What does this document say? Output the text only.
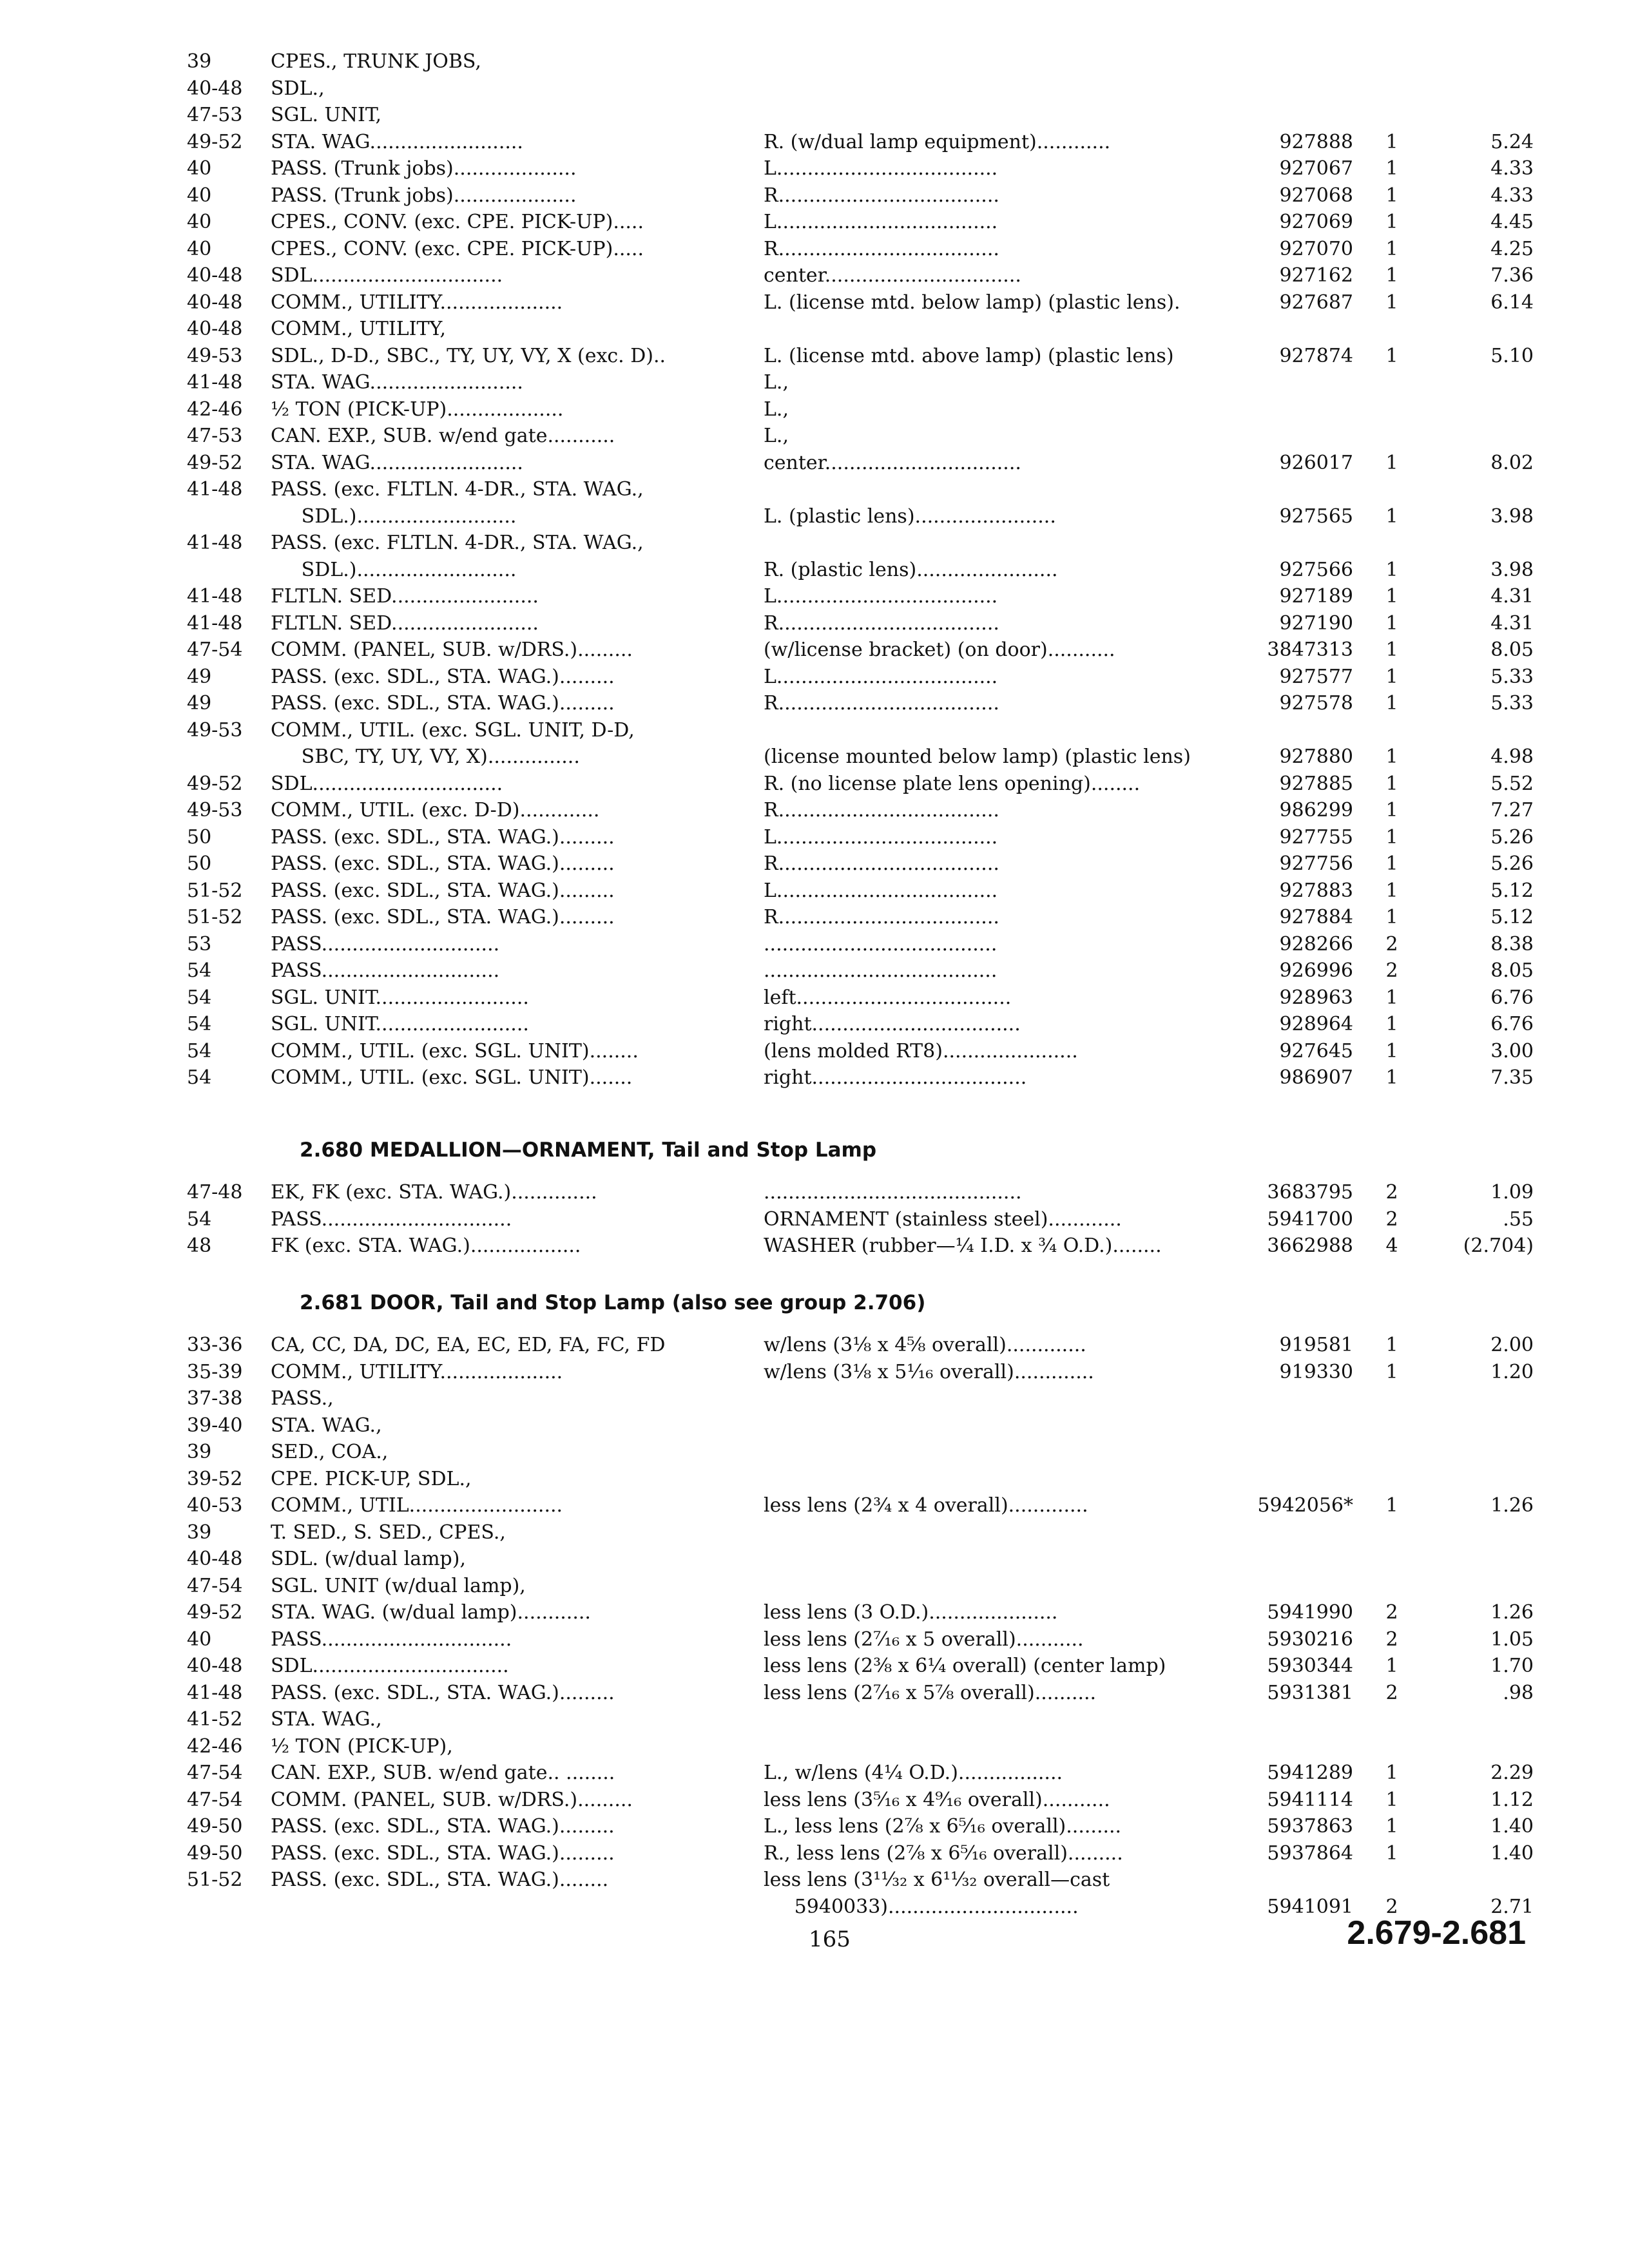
39	CPES., TRUNK JOBS,
40-48	SDL.,
47-53	SGL. UNIT,
49-52	STA. WAG.........................	R. (w/dual lamp equipment)............	927888	1	5.24
40	PASS. (Trunk jobs)....................	L....................................	927067	1	4.33
40	PASS. (Trunk jobs)....................	R....................................	927068	1	4.33
40	CPES., CONV. (exc. CPE. PICK-UP).....	L....................................	927069	1	4.45
40	CPES., CONV. (exc. CPE. PICK-UP).....	R....................................	927070	1	4.25
40-48	SDL...............................	center................................	927162	1	7.36
40-48	COMM., UTILITY....................	L. (license mtd. below lamp) (plastic lens).	927687	1	6.14
40-48	COMM., UTILITY,
49-53	SDL., D-D., SBC., TY, UY, VY, X (exc. D)..	L. (license mtd. above lamp) (plastic lens)	927874	1	5.10
41-48	STA. WAG.........................	L.,
42-46	½ TON (PICK-UP)...................	L.,
47-53	CAN. EXP., SUB. w/end gate...........	L.,
49-52	STA. WAG.........................	center................................	926017	1	8.02
41-48	PASS. (exc. FLTLN. 4-DR., STA. WAG.,
SDL.)..........................	L. (plastic lens).......................	927565	1	3.98
41-48	PASS. (exc. FLTLN. 4-DR., STA. WAG.,
SDL.)..........................	R. (plastic lens).......................	927566	1	3.98
41-48	FLTLN. SED........................	L....................................	927189	1	4.31
41-48	FLTLN. SED........................	R....................................	927190	1	4.31
47-54	COMM. (PANEL, SUB. w/DRS.).........	(w/license bracket) (on door)...........	3847313	1	8.05
49	PASS. (exc. SDL., STA. WAG.).........	L....................................	927577	1	5.33
49	PASS. (exc. SDL., STA. WAG.).........	R....................................	927578	1	5.33
49-53	COMM., UTIL. (exc. SGL. UNIT, D-D,
SBC, TY, UY, VY, X)...............	(license mounted below lamp) (plastic lens)	927880	1	4.98
49-52	SDL...............................	R. (no license plate lens opening)........	927885	1	5.52
49-53	COMM., UTIL. (exc. D-D).............	R....................................	986299	1	7.27
50	PASS. (exc. SDL., STA. WAG.).........	L....................................	927755	1	5.26
50	PASS. (exc. SDL., STA. WAG.).........	R....................................	927756	1	5.26
51-52	PASS. (exc. SDL., STA. WAG.).........	L....................................	927883	1	5.12
51-52	PASS. (exc. SDL., STA. WAG.).........	R....................................	927884	1	5.12
53	PASS.............................	......................................	928266	2	8.38
54	PASS.............................	......................................	926996	2	8.05
54	SGL. UNIT.........................	left...................................	928963	1	6.76
54	SGL. UNIT.........................	right..................................	928964	1	6.76
54	COMM., UTIL. (exc. SGL. UNIT)........	(lens molded RT8)......................	927645	1	3.00
54	COMM., UTIL. (exc. SGL. UNIT).......	right...................................	986907	1	7.35
2.680 MEDALLION—ORNAMENT, Tail and Stop Lamp
47-48	EK, FK (exc. STA. WAG.)..............	..........................................	3683795	2	1.09
54	PASS...............................	ORNAMENT (stainless steel)............	5941700	2	.55
48	FK (exc. STA. WAG.)..................	WASHER (rubber—¼ I.D. x ¾ O.D.)........	3662988	4	(2.704)
2.681 DOOR, Tail and Stop Lamp (also see group 2.706)
33-36	CA, CC, DA, DC, EA, EC, ED, FA, FC, FD	w/lens (3⅛ x 4⅝ overall).............	919581	1	2.00
35-39	COMM., UTILITY....................	w/lens (3⅛ x 5¹⁄₁₆ overall).............	919330	1	1.20
37-38	PASS.,
39-40	STA. WAG.,
39	SED., COA.,
39-52	CPE. PICK-UP, SDL.,
40-53	COMM., UTIL.........................	less lens (2¾ x 4 overall).............	5942056*	1	1.26
39	T. SED., S. SED., CPES.,
40-48	SDL. (w/dual lamp),
47-54	SGL. UNIT (w/dual lamp),
49-52	STA. WAG. (w/dual lamp)............	less lens (3 O.D.).....................	5941990	2	1.26
40	PASS...............................	less lens (2⁷⁄₁₆ x 5 overall)...........	5930216	2	1.05
40-48	SDL................................	less lens (2⅜ x 6¼ overall) (center lamp)	5930344	1	1.70
41-48	PASS. (exc. SDL., STA. WAG.).........	less lens (2⁷⁄₁₆ x 5⅞ overall)..........	5931381	2	.98
41-52	STA. WAG.,
42-46	½ TON (PICK-UP),
47-54	CAN. EXP., SUB. w/end gate.. ........	L., w/lens (4¼ O.D.).................	5941289	1	2.29
47-54	COMM. (PANEL, SUB. w/DRS.).........	less lens (3⁵⁄₁₆ x 4⁹⁄₁₆ overall)...........	5941114	1	1.12
49-50	PASS. (exc. SDL., STA. WAG.).........	L., less lens (2⅞ x 6⁵⁄₁₆ overall).........	5937863	1	1.40
49-50	PASS. (exc. SDL., STA. WAG.).........	R., less lens (2⅞ x 6⁵⁄₁₆ overall).........	5937864	1	1.40
51-52	PASS. (exc. SDL., STA. WAG.)........	less lens (3¹¹⁄₃₂ x 6¹¹⁄₃₂ overall—cast
5940033)...............................	5941091	2	2.71
165	2.679-2.681
